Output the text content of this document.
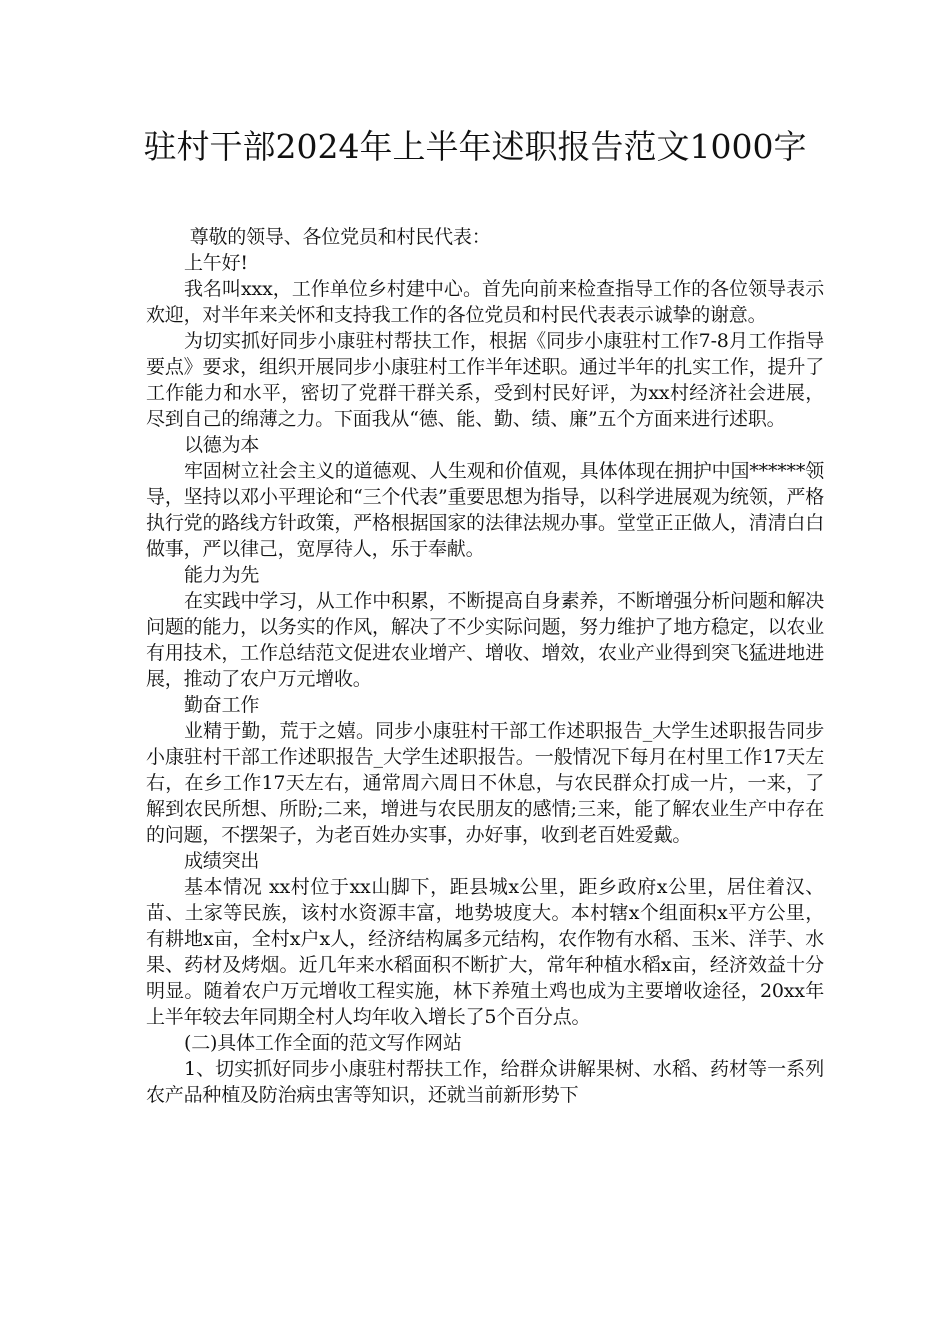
驻村干部2024年上半年述职报告范文1000字

尊敬的领导、各位党员和村民代表：

上午好!

我名叫xxx，工作单位乡村建中心。首先向前来检查指导工作的各位领导表示欢迎，对半年来关怀和支持我工作的各位党员和村民代表表示诚挚的谢意。

为切实抓好同步小康驻村帮扶工作，根据《同步小康驻村工作7-8月工作指导要点》要求，组织开展同步小康驻村工作半年述职。通过半年的扎实工作，提升了工作能力和水平，密切了党群干群关系，受到村民好评，为xx村经济社会进展，尽到自己的绵薄之力。下面我从“德、能、勤、绩、廉”五个方面来进行述职。

以德为本

牢固树立社会主义的道德观、人生观和价值观，具体体现在拥护中国******领导，坚持以邓小平理论和“三个代表”重要思想为指导，以科学进展观为统领，严格执行党的路线方针政策，严格根据国家的法律法规办事。堂堂正正做人，清清白白做事，严以律己，宽厚待人，乐于奉献。

能力为先

在实践中学习，从工作中积累，不断提高自身素养，不断增强分析问题和解决问题的能力，以务实的作风，解决了不少实际问题，努力维护了地方稳定，以农业有用技术，工作总结范文促进农业增产、增收、增效，农业产业得到突飞猛进地进展，推动了农户万元增收。

勤奋工作

业精于勤，荒于之嬉。同步小康驻村干部工作述职报告_大学生述职报告同步小康驻村干部工作述职报告_大学生述职报告。一般情况下每月在村里工作17天左右，在乡工作17天左右，通常周六周日不休息，与农民群众打成一片，一来，了解到农民所想、所盼;二来，增进与农民朋友的感情;三来，能了解农业生产中存在的问题，不摆架子，为老百姓办实事，办好事，收到老百姓爱戴。

成绩突出

基本情况 xx村位于xx山脚下，距县城x公里，距乡政府x公里，居住着汉、苗、土家等民族，该村水资源丰富，地势坡度大。本村辖x个组面积x平方公里，有耕地x亩，全村x户x人，经济结构属多元结构，农作物有水稻、玉米、洋芋、水果、药材及烤烟。近几年来水稻面积不断扩大，常年种植水稻x亩，经济效益十分明显。随着农户万元增收工程实施，林下养殖土鸡也成为主要增收途径，20xx年上半年较去年同期全村人均年收入增长了5个百分点。

(二)具体工作全面的范文写作网站

1、切实抓好同步小康驻村帮扶工作，给群众讲解果树、水稻、药材等一系列农产品种植及防治病虫害等知识，还就当前新形势下
